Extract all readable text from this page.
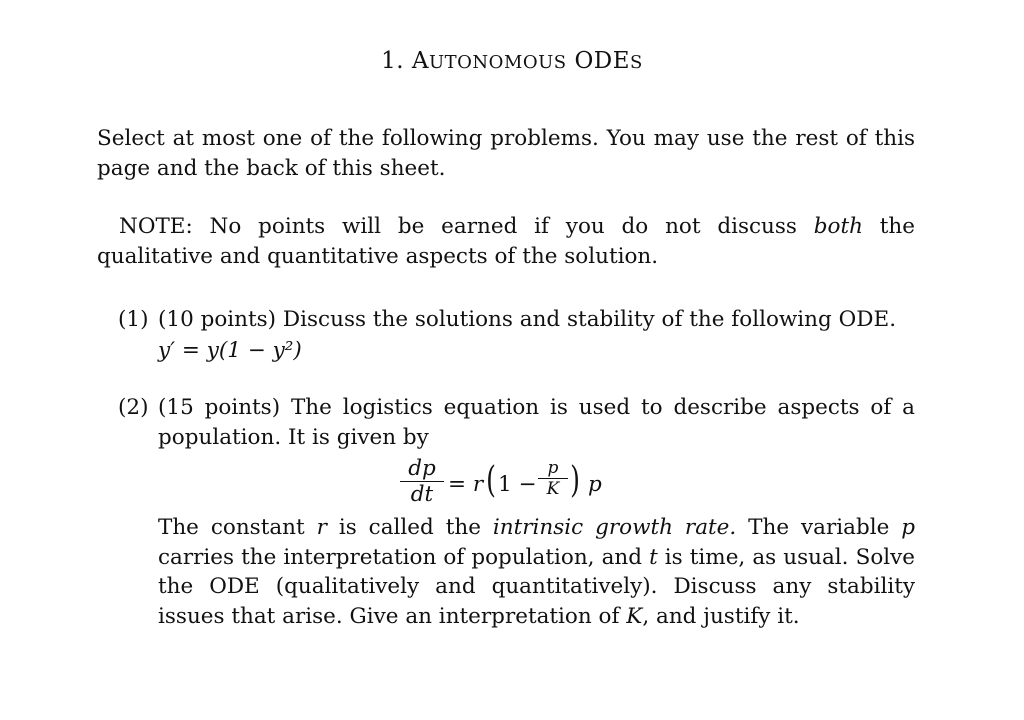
1. AUTONOMOUS ODES
Select at most one of the following problems. You may use the rest of this page and the back of this sheet.
NOTE: No points will be earned if you do not discuss both the qualitative and quantitative aspects of the solution.
(1) (10 points) Discuss the solutions and stability of the following ODE.
y′ = y(1 − y²)
(2) (15 points) The logistics equation is used to describe aspects of a population. It is given by
dp
dt = r ( 1 −
p
K ) p
The constant r is called the intrinsic growth rate. The variable p carries the interpretation of population, and t is time, as usual. Solve the ODE (qualitatively and quantitatively). Discuss any stability issues that arise. Give an interpretation of K, and justify it.
